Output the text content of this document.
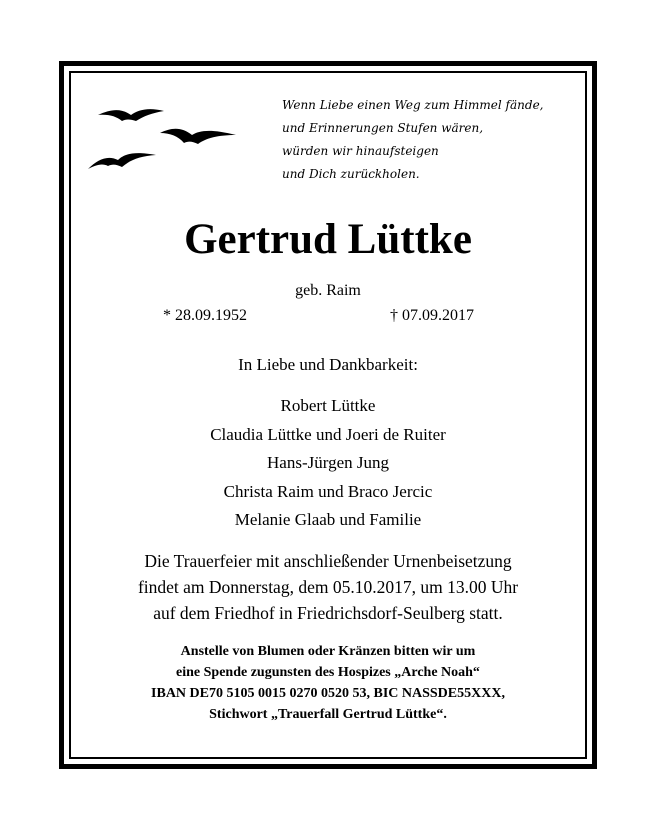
Wenn Liebe einen Weg zum Himmel fände,
und Erinnerungen Stufen wären,
würden wir hinaufsteigen
und Dich zurückholen.
Gertrud Lüttke
geb. Raim
* 28.09.1952	† 07.09.2017
In Liebe und Dankbarkeit:
Robert Lüttke
Claudia Lüttke und Joeri de Ruiter
Hans-Jürgen Jung
Christa Raim und Braco Jercic
Melanie Glaab und Familie
Die Trauerfeier mit anschließender Urnenbeisetzung
findet am Donnerstag, dem 05.10.2017, um 13.00 Uhr
auf dem Friedhof in Friedrichsdorf-Seulberg statt.
Anstelle von Blumen oder Kränzen bitten wir um
eine Spende zugunsten des Hospizes „Arche Noah“
IBAN DE70 5105 0015 0270 0520 53, BIC NASSDE55XXX,
Stichwort „Trauerfall Gertrud Lüttke“.
